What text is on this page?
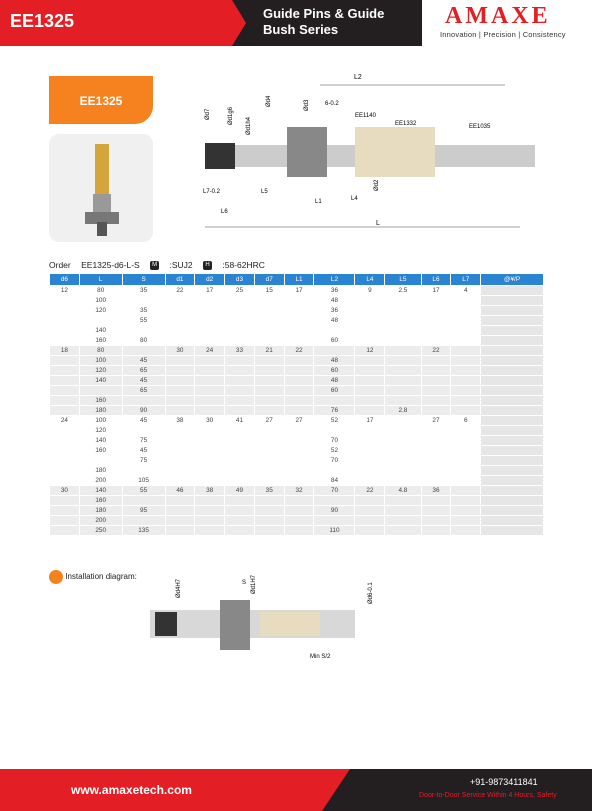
EE1325	Guide Pins & Guide Bush Series
AMAXE
Innovation | Precision | Consistency
EE1325
L2
Ød7	Ød1g6
Ød1h4
Ød4	Ød3	6-0.2
EE1140
EE1332	EE1035
L7-0.2	L5
L6
L1	L4
Ød2
L
Order EE1325-d6-L-S M :SUJ2 H :58-62HRC
d6	L	S	d1	d2	d3	d7	L1	L2	L4	L5	L6	L7	@¥/P
12	80	35	22	17	25	15	17	36	9	2.5	17	4	
	100							48					
	120	35						36					
		55						48					
	140												
	160	80						60					
18	80		30	24	33	21	22		12		22		
	100	45						48					
	120	65						60					
	140	45						48					
		65						60					
	160												
	180	90						76		2.8			
24	100	45	38	30	41	27	27	52	17		27	6	
	120												
	140	75						70					
	160	45						52					
		75						70					
	180												
	200	105						84					
30	140	55	46	38	49	35	32	70	22	4.8	36		
	160												
	180	95						90					
	200												
	250	135						110					
Installation diagram:
S
Ød4H7	Ød1H7	Ød6-0.1
Min S/2
www.amaxetech.com
+91-9873411841
Door-to-Door Service Within 4 Hours, Safety
